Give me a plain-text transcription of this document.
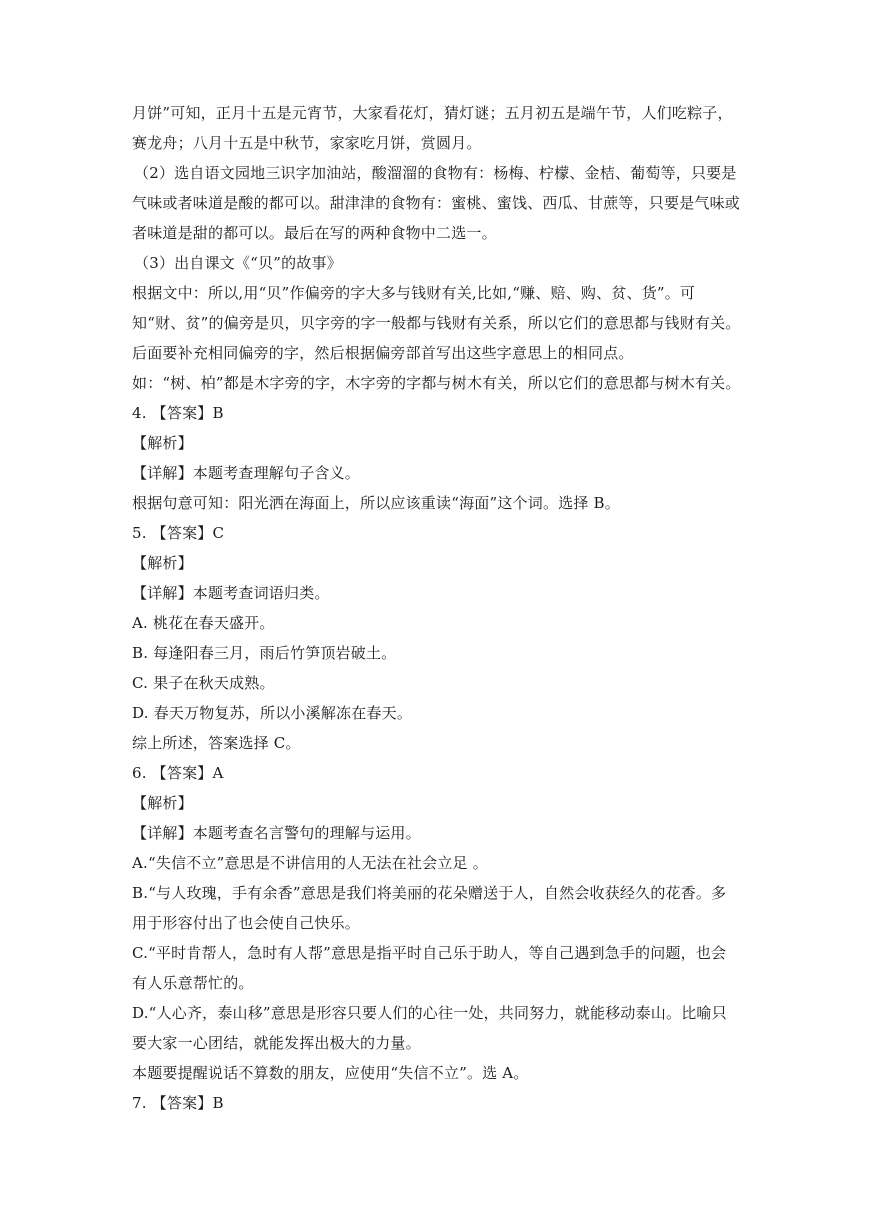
月饼”可知，正月十五是元宵节，大家看花灯，猜灯谜；五月初五是端午节，人们吃粽子，
赛龙舟；八月十五是中秋节，家家吃月饼，赏圆月。
（2）选自语文园地三识字加油站，酸溜溜的食物有：杨梅、柠檬、金桔、葡萄等，只要是
气味或者味道是酸的都可以。甜津津的食物有：蜜桃、蜜饯、西瓜、甘蔗等，只要是气味或
者味道是甜的都可以。最后在写的两种食物中二选一。
（3）出自课文《“贝”的故事》
根据文中：所以,用“贝”作偏旁的字大多与钱财有关,比如,“赚、赔、购、贫、货”。可
知“财、贫”的偏旁是贝，贝字旁的字一般都与钱财有关系，所以它们的意思都与钱财有关。
后面要补充相同偏旁的字，然后根据偏旁部首写出这些字意思上的相同点。
如：“树、柏”都是木字旁的字，木字旁的字都与树木有关，所以它们的意思都与树木有关。
4. 【答案】B
【解析】
【详解】本题考查理解句子含义。
根据句意可知：阳光洒在海面上，所以应该重读“海面”这个词。选择 B。
5. 【答案】C
【解析】
【详解】本题考查词语归类。
A. 桃花在春天盛开。
B. 每逢阳春三月，雨后竹笋顶岩破土。
C. 果子在秋天成熟。
D. 春天万物复苏，所以小溪解冻在春天。
综上所述，答案选择 C。
6. 【答案】A
【解析】
【详解】本题考查名言警句的理解与运用。
A.“失信不立”意思是不讲信用的人无法在社会立足 。
B.“与人玫瑰，手有余香”意思是我们将美丽的花朵赠送于人，自然会收获经久的花香。多
用于形容付出了也会使自己快乐。
C.“平时肯帮人，急时有人帮”意思是指平时自己乐于助人，等自己遇到急手的问题，也会
有人乐意帮忙的。
D.“人心齐，泰山移”意思是形容只要人们的心往一处，共同努力，就能移动泰山。比喻只
要大家一心团结，就能发挥出极大的力量。
本题要提醒说话不算数的朋友，应使用“失信不立”。选 A。
7. 【答案】B
